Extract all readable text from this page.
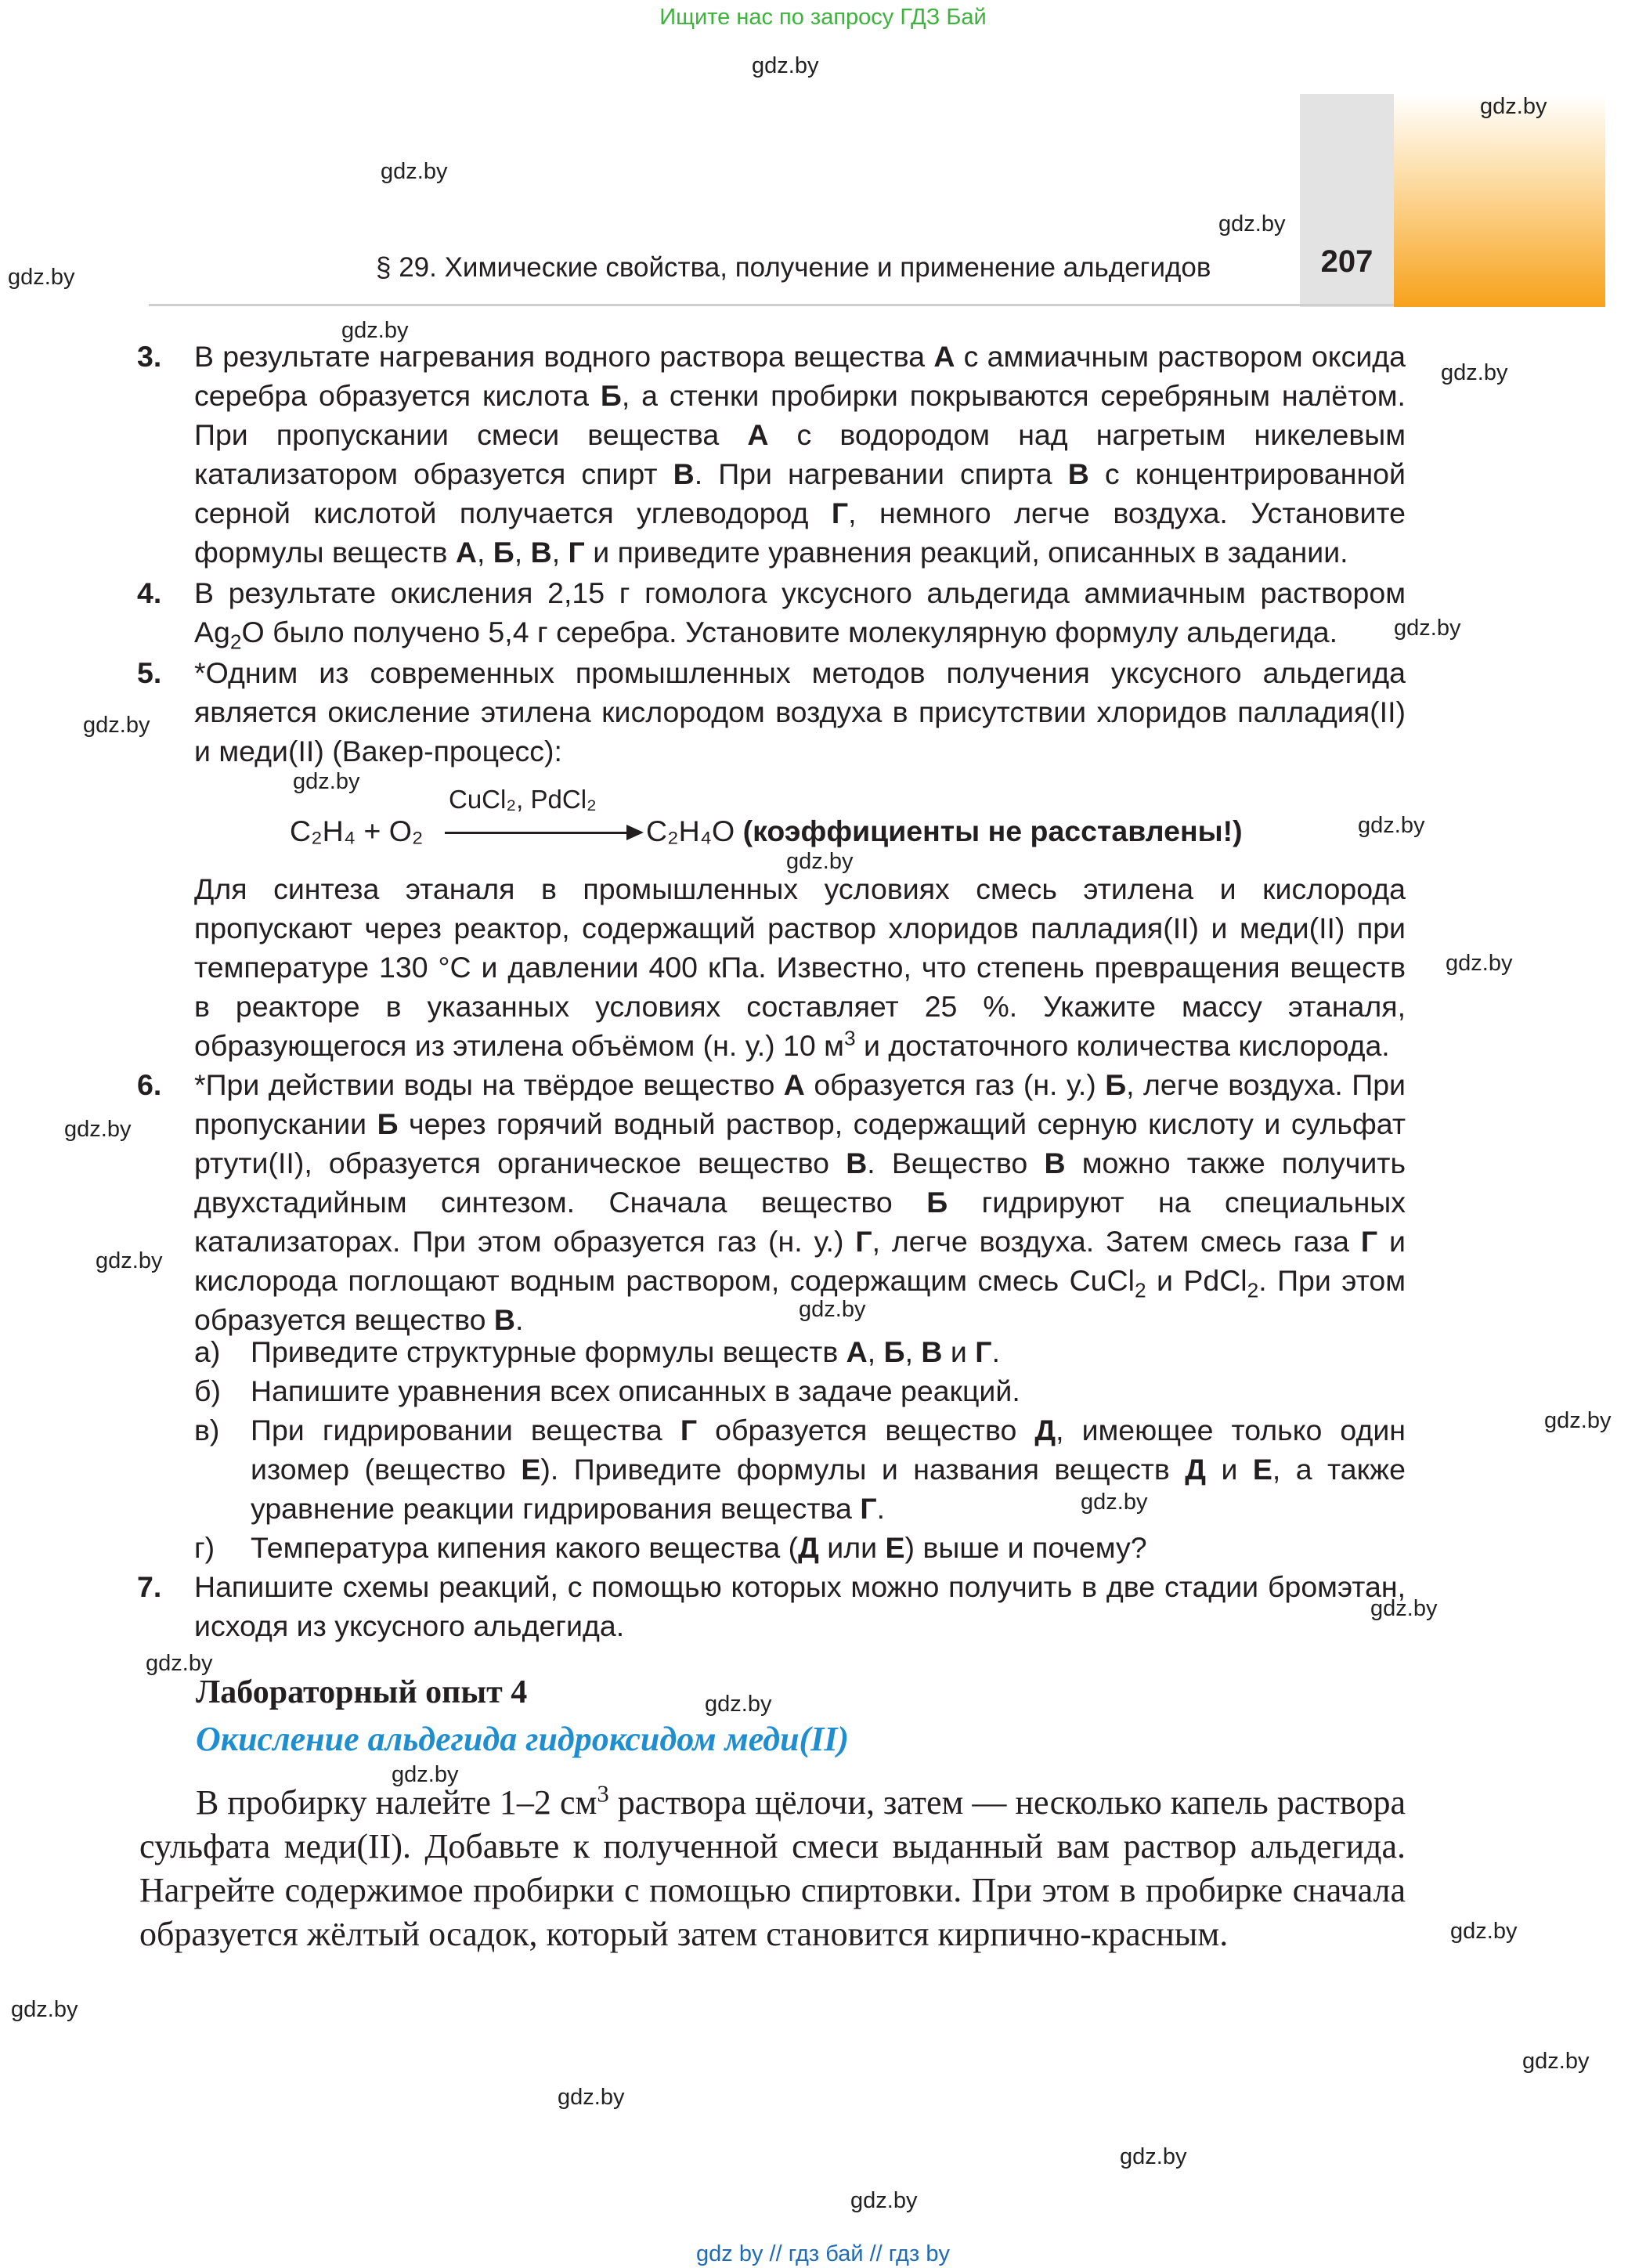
Ищите нас по запросу ГДЗ Бай
207
§ 29. Химические свойства, получение и применение альдегидов
3. В результате нагревания водного раствора вещества А с аммиачным раствором оксида серебра образуется кислота Б, а стенки пробирки покрываются серебряным налётом. При пропускании смеси вещества А с водородом над нагретым никелевым катализатором образуется спирт В. При нагревании спирта В с концентрированной серной кислотой получается углеводород Г, немного легче воздуха. Установите формулы веществ А, Б, В, Г и приведите уравнения реакций, описанных в задании.
4. В результате окисления 2,15 г гомолога уксусного альдегида аммиачным раствором $Ag_2O$ было получено 5,4 г серебра. Установите молекулярную формулу альдегида.
5. *Одним из современных промышленных методов получения уксусного альдегида является окисление этилена кислородом воздуха в присутствии хлоридов палладия(II) и меди(II) (Вакер-процесс):
C₂H₄ + O₂
CuCl₂, PdCl₂
C₂H₄O (коэффициенты не расставлены!)
Для синтеза этаналя в промышленных условиях смесь этилена и кислорода пропускают через реактор, содержащий раствор хлоридов палладия(II) и меди(II) при температуре 130 °C и давлении 400 кПа. Известно, что степень превращения веществ в реакторе в указанных условиях составляет 25 %. Укажите массу этаналя, образующегося из этилена объёмом (н. у.) 10 $м^3$ и достаточного количества кислорода.
6. *При действии воды на твёрдое вещество А образуется газ (н. у.) Б, легче воздуха. При пропускании Б через горячий водный раствор, содержащий серную кислоту и сульфат ртути(II), образуется органическое вещество В. Вещество В можно также получить двухстадийным синтезом. Сначала вещество Б гидрируют на специальных катализаторах. При этом образуется газ (н. у.) Г, легче воздуха. Затем смесь газа Г и кислорода поглощают водным раствором, содержащим смесь CuCl$_2$ и PdCl$_2$. При этом образуется вещество В.
а) Приведите структурные формулы веществ А, Б, В и Г.
б) Напишите уравнения всех описанных в задаче реакций.
в) При гидрировании вещества Г образуется вещество Д, имеющее только один изомер (вещество Е). Приведите формулы и названия веществ Д и Е, а также уравнение реакции гидрирования вещества Г.
г) Температура кипения какого вещества (Д или Е) выше и почему?
7. Напишите схемы реакций, с помощью которых можно получить в две стадии бромэтан, исходя из уксусного альдегида.
Лабораторный опыт 4
Окисление альдегида гидроксидом меди(II)
В пробирку налейте 1–2 $см^3$ раствора щёлочи, затем — несколько капель раствора сульфата меди(II). Добавьте к полученной смеси выданный вам раствор альдегида. Нагрейте содержимое пробирки с помощью спиртовки. При этом в пробирке сначала образуется жёлтый осадок, который затем становится кирпично-красным.
gdz.by
gdz.by
gdz.by
gdz.by
gdz.by
gdz.by
gdz.by
gdz.by
gdz.by
gdz.by
gdz.by
gdz.by
gdz.by
gdz.by
gdz.by
gdz.by
gdz.by
gdz.by
gdz.by
gdz.by
gdz.by
gdz.by
gdz.by
gdz.by
gdz.by
gdz.by
gdz.by
gdz.by
gdz by // гдз бай // гдз by
